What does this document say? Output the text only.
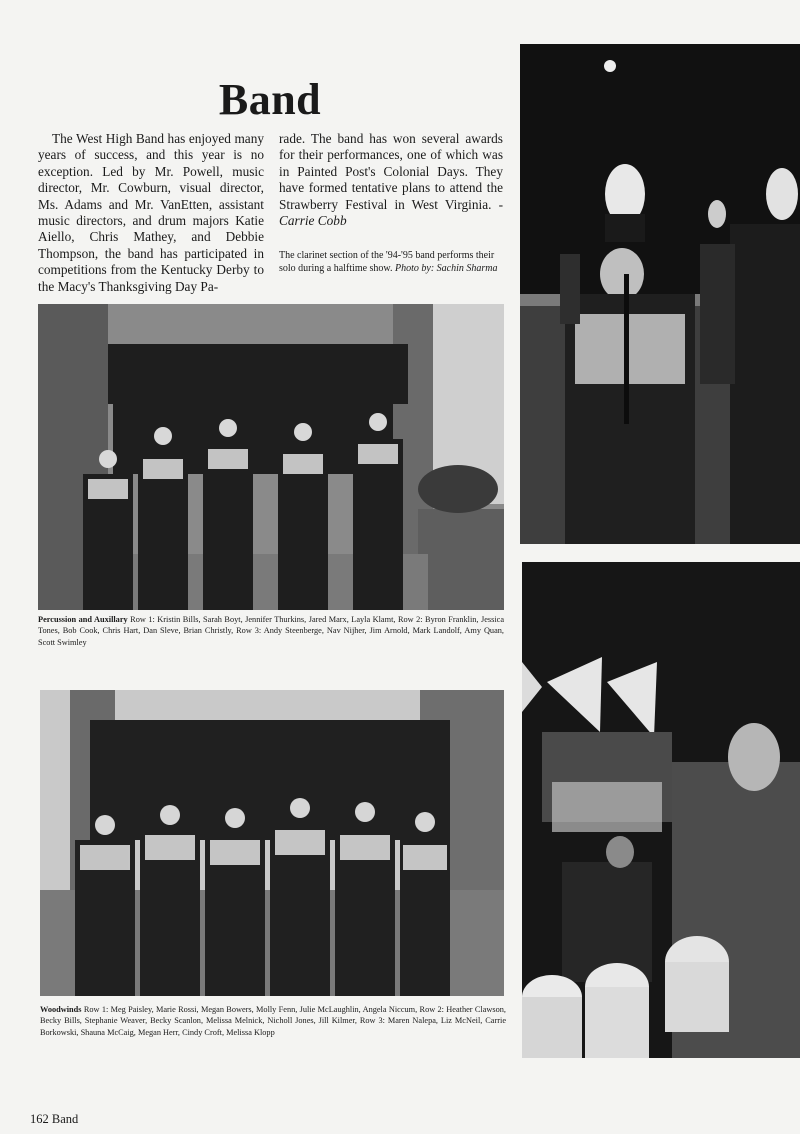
Band
The West High Band has enjoyed many years of success, and this year is no exception. Led by Mr. Powell, music director, Mr. Cowburn, visual director, Ms. Adams and Mr. VanEtten, assistant music directors, and drum majors Katie Aiello, Chris Mathey, and Debbie Thompson, the band has participated in competitions from the Kentucky Derby to the Macy's Thanksgiving Day Pa-
rade. The band has won several awards for their performances, one of which was in Painted Post's Colonial Days. They have formed tentative plans to attend the Strawberry Festival in West Virginia. -Carrie Cobb
The clarinet section of the '94-'95 band performs their solo during a halftime show. Photo by: Sachin Sharma
Percussion and Auxillary Row 1: Kristin Bills, Sarah Boyt, Jennifer Thurkins, Jared Marx, Layla Klamt, Row 2: Byron Franklin, Jessica Tones, Bob Cook, Chris Hart, Dan Sleve, Brian Christly, Row 3: Andy Steenberge, Nav Nijher, Jim Arnold, Mark Landolf, Amy Quan, Scott Swimley
Woodwinds Row 1: Meg Paisley, Marie Rossi, Megan Bowers, Molly Fenn, Julie McLaughlin, Angela Niccum, Row 2: Heather Clawson, Becky Bills, Stephanie Weaver, Becky Scanlon, Melissa Melnick, Nicholl Jones, Jill Kilmer, Row 3: Maren Nalepa, Liz McNeil, Carrie Borkowski, Shauna McCaig, Megan Herr, Cindy Croft, Melissa Klopp
162 Band
